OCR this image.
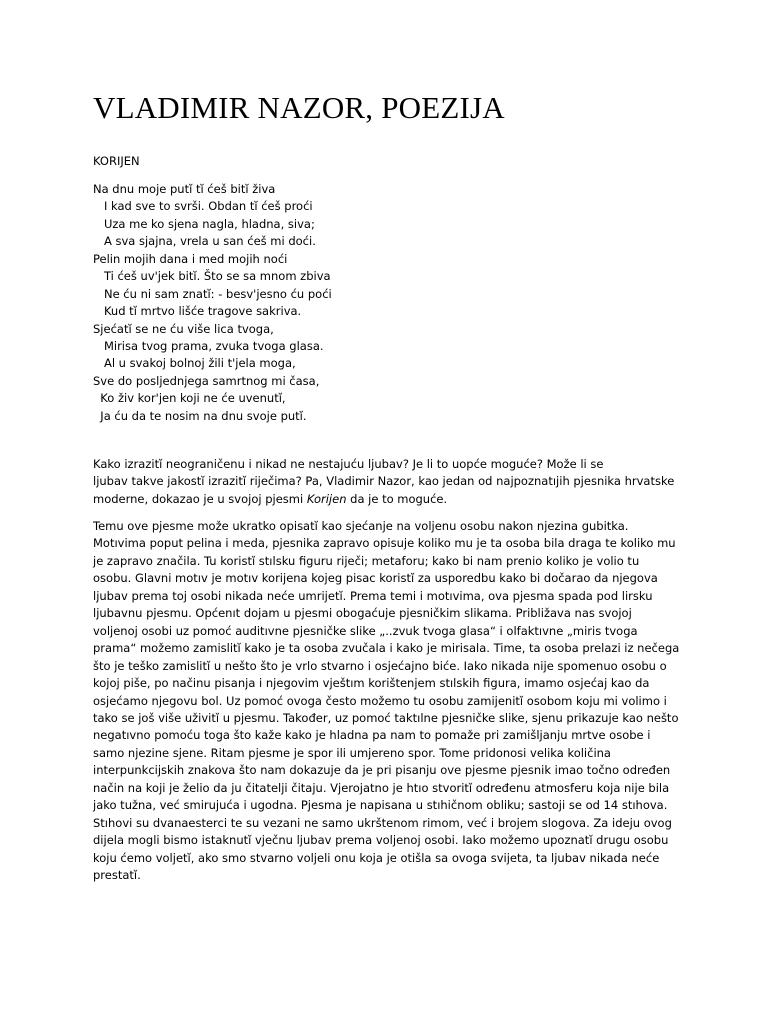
VLADIMIR NAZOR, POEZIJA
KORIJEN
Na dnu moje putı̆ tı̆ ćeš bitı̆ živa
I kad sve to svrši. Obdan tı̆ ćeš proći
Uza me ko sjena nagla, hladna, siva;
A sva sjajna, vrela u san ćeš mi doći.
Pelin mojih dana i med mojih noći
Ti ćeš uv'jek bitı̆. Što se sa mnom zbiva
Ne ću ni sam znatı̆: - besv'jesno ću poći
Kud tı̆ mrtvo lišće tragove sakriva.
Sjećatı̆ se ne ću više lica tvoga,
Mirisa tvog prama, zvuka tvoga glasa.
Al u svakoj bolnoj žili t'jela moga,
Sve do posljednjega samrtnog mi časa,
Ko živ kor'jen koji ne će uvenutı̆,
Ja ću da te nosim na dnu svoje putı̆.

Kako izrazitı̆ neograničenu i nikad ne nestajuću ljubav? Je li to uopće moguće? Može li se
ljubav takve jakostı̆ izrazitı̆ riječima? Pa, Vladimir Nazor, kao jedan od najpoznatıjih pjesnika hrvatske
moderne, dokazao je u svojoj pjesmi Korijen da je to moguće.

Temu ove pjesme može ukratko opisatı̆ kao sjećanje na voljenu osobu nakon njezina gubitka.
Motıvima poput pelina i meda, pjesnika zapravo opisuje koliko mu je ta osoba bila draga te koliko mu
je zapravo značila. Tu koristı̆ stılsku figuru riječi; metaforu; kako bi nam prenio koliko je volio tu
osobu. Glavni motıv je motıv korijena kojeg pisac koristı̆ za usporedbu kako bi dočarao da njegova
ljubav prema toj osobi nikada neće umrijetı̆. Prema temi i motıvima, ova pjesma spada pod lirsku
ljubavnu pjesmu. Općenıt dojam u pjesmi obogaćuje pjesničkim slikama. Približava nas svojoj
voljenoj osobi uz pomoć auditıvne pjesničke slike „..zvuk tvoga glasa“ i olfaktıvne „miris tvoga
prama“ možemo zamislitı̆ kako je ta osoba zvučala i kako je mirisala. Time, ta osoba prelazi iz nečega
što je teško zamislitı̆ u nešto što je vrlo stvarno i osjećajno biće. Iako nikada nije spomenuo osobu o
kojoj piše, po načinu pisanja i njegovim vještım korištenjem stılskih figura, imamo osjećaj kao da
osjećamo njegovu bol. Uz pomoć ovoga često možemo tu osobu zamijenitı̆ osobom koju mi volimo i
tako se još više uživitı̆ u pjesmu. Također, uz pomoć taktılne pjesničke slike, sjenu prikazuje kao nešto
negatıvno pomoću toga što kaže kako je hladna pa nam to pomaže pri zamišljanju mrtve osobe i
samo njezine sjene. Ritam pjesme je spor ili umjereno spor. Tome pridonosi velika količina
interpunkcijskih znakova što nam dokazuje da je pri pisanju ove pjesme pjesnik imao točno određen
način na koji je želio da ju čitatelji čitaju. Vjerojatno je htıo stvoritı̆ određenu atmosferu koja nije bila
jako tužna, već smirujuća i ugodna. Pjesma je napisana u stıhičnom obliku; sastoji se od 14 stıhova.
Stıhovi su dvanaesterci te su vezani ne samo ukrštenom rimom, već i brojem slogova. Za ideju ovog
dijela mogli bismo istaknutı̆ vječnu ljubav prema voljenoj osobi. Iako možemo upoznatı̆ drugu osobu
koju ćemo voljetı̆, ako smo stvarno voljeli onu koja je otišla sa ovoga svijeta, ta ljubav nikada neće
prestatı̆.
